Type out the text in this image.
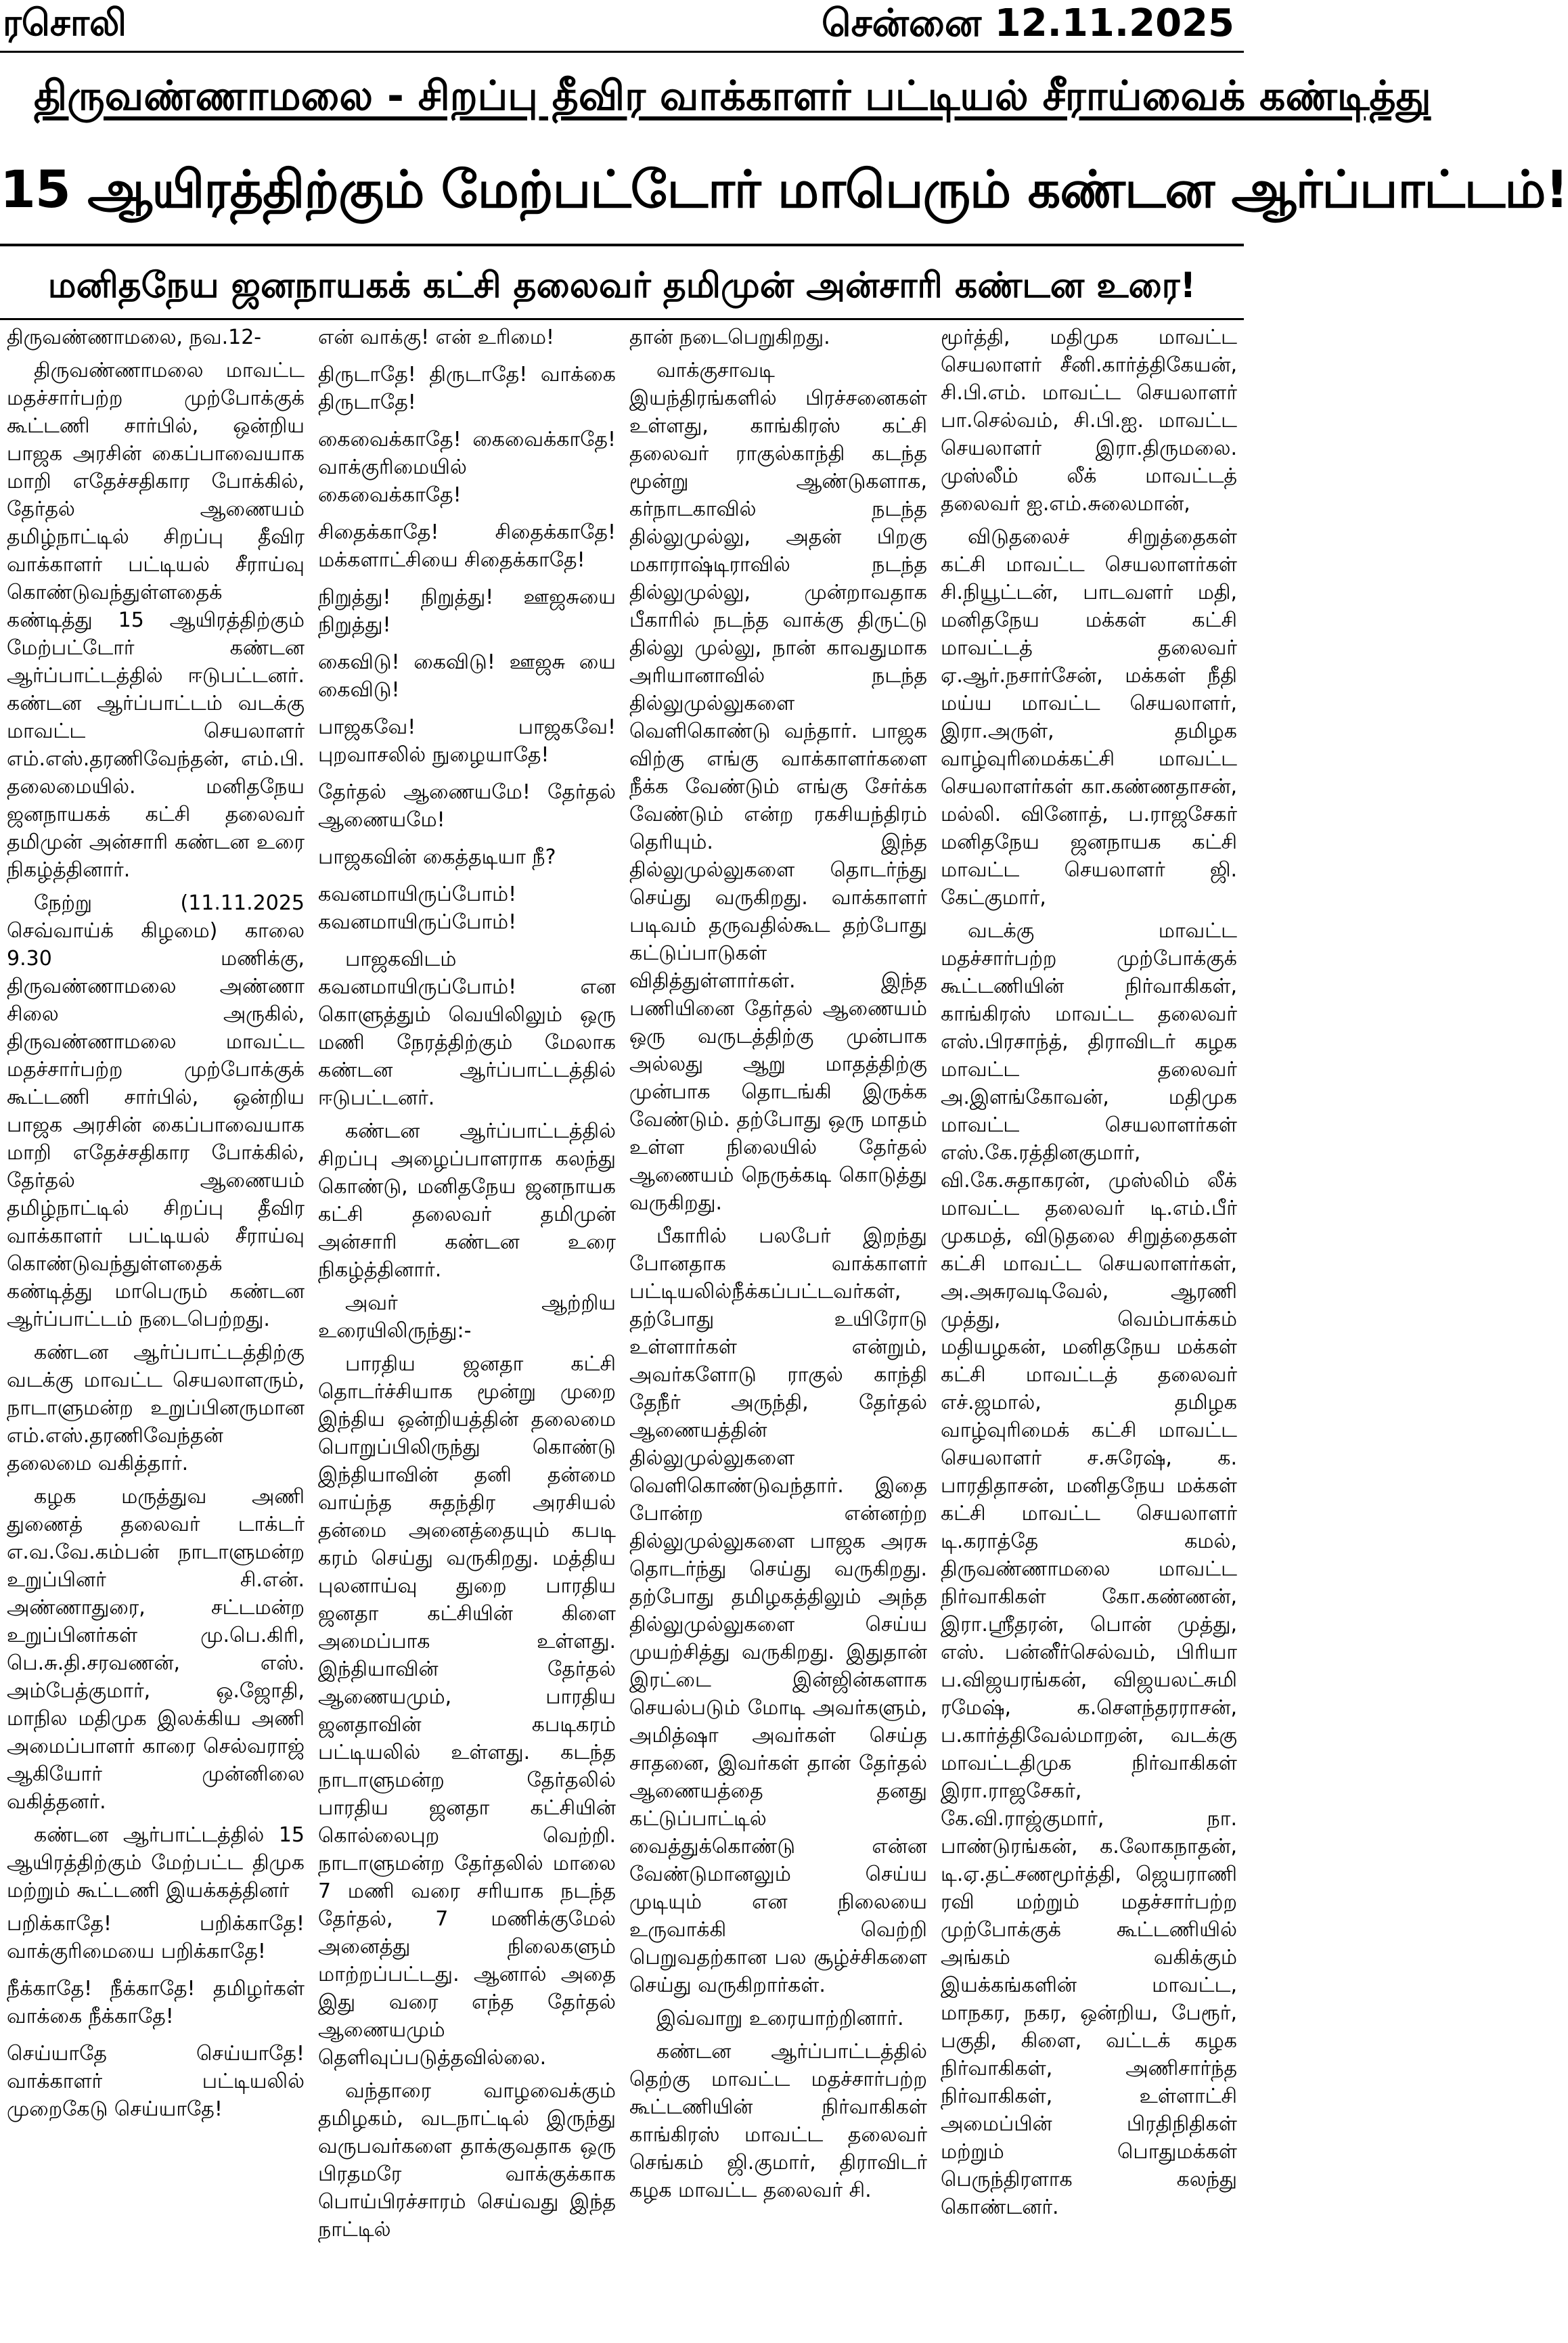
ரசொலி	சென்னை 12.11.2025
திருவண்ணாமலை - சிறப்பு தீவிர வாக்காளர் பட்டியல் சீராய்வைக் கண்டித்து
15 ஆயிரத்திற்கும் மேற்பட்டோர் மாபெரும் கண்டன ஆர்ப்பாட்டம்!
மனிதநேய ஜனநாயகக் கட்சி தலைவர் தமிமுன் அன்சாரி கண்டன உரை!

திருவண்ணாமலை, நவ.12-

திருவண்ணாமலை மாவட்ட மதச்சார்பற்ற முற்போக்குக் கூட்டணி சார்பில், ஒன்றிய பாஜக அரசின் கைப்பாவையாக மாறி எதேச்சதிகார போக்கில், தேர்தல் ஆணையம் தமிழ்நாட்டில் சிறப்பு தீவிர வாக்காளர் பட்டியல் சீராய்வு கொண்டுவந்துள்ளதைக் கண்டித்து 15 ஆயிரத்திற்கும் மேற்பட்டோர் கண்டன ஆர்ப்பாட்டத்தில் ஈடுபட்டனர். கண்டன ஆர்ப்பாட்டம் வடக்கு மாவட்ட செயலாளர் எம்.எஸ்.தரணிவேந்தன், எம்.பி. தலைமையில். மனிதநேய ஜனநாயகக் கட்சி தலைவர் தமிமுன் அன்சாரி கண்டன உரை நிகழ்த்தினார்.

நேற்று (11.11.2025 செவ்வாய்க் கிழமை) காலை 9.30 மணிக்கு, திருவண்ணாமலை அண்ணா சிலை அருகில், திருவண்ணாமலை மாவட்ட மதச்சார்பற்ற முற்போக்குக் கூட்டணி சார்பில், ஒன்றிய பாஜக அரசின் கைப்பாவையாக மாறி எதேச்சதிகார போக்கில், தேர்தல் ஆணையம் தமிழ்நாட்டில் சிறப்பு தீவிர வாக்காளர் பட்டியல் சீராய்வு கொண்டுவந்துள்ளதைக் கண்டித்து மாபெரும் கண்டன ஆர்ப்பாட்டம் நடைபெற்றது.

கண்டன ஆர்ப்பாட்டத்திற்கு வடக்கு மாவட்ட செயலாளரும், நாடாளுமன்ற உறுப்பினருமான எம்.எஸ்.தரணிவேந்தன் தலைமை வகித்தார்.

கழக மருத்துவ அணி துணைத் தலைவர் டாக்டர் எ.வ.வே.கம்பன் நாடாளுமன்ற உறுப்பினர் சி.என். அண்ணாதுரை, சட்டமன்ற உறுப்பினர்கள் மு.பெ.கிரி, பெ.சு.தி.சரவணன், எஸ். அம்பேத்குமார், ஒ.ஜோதி, மாநில மதிமுக இலக்கிய அணி அமைப்பாளர் காரை செல்வராஜ் ஆகியோர் முன்னிலை வகித்தனர்.

கண்டன ஆர்பாட்டத்தில் 15 ஆயிரத்திற்கும் மேற்பட்ட திமுக மற்றும் கூட்டணி இயக்கத்தினர்

பறிக்காதே! பறிக்காதே! வாக்குரிமையை பறிக்காதே!

நீக்காதே! நீக்காதே! தமிழர்கள் வாக்கை நீக்காதே!

செய்யாதே செய்யாதே! வாக்காளர் பட்டியலில் முறைகேடு செய்யாதே!

என் வாக்கு! என் உரிமை!

திருடாதே! திருடாதே! வாக்கை திருடாதே!

கைவைக்காதே! கைவைக்காதே! வாக்குரிமையில் கைவைக்காதே!

சிதைக்காதே! சிதைக்காதே! மக்களாட்சியை சிதைக்காதே!

நிறுத்து! நிறுத்து! ஊஜசுயை நிறுத்து!

கைவிடு! கைவிடு! ஊஜசு யை கைவிடு!

பாஜகவே! பாஜகவே! புறவாசலில் நுழையாதே!

தேர்தல் ஆணையமே! தேர்தல் ஆணையமே!

பாஜகவின் கைத்தடியா நீ?

கவனமாயிருப்போம்! கவனமாயிருப்போம்!

பாஜகவிடம் கவனமாயிருப்போம்! என கொளுத்தும் வெயிலிலும் ஒரு மணி நேரத்திற்கும் மேலாக கண்டன ஆர்ப்பாட்டத்தில் ஈடுபட்டனர்.

கண்டன ஆர்ப்பாட்டத்தில் சிறப்பு அழைப்பாளராக கலந்து கொண்டு, மனிதநேய ஜனநாயக கட்சி தலைவர் தமிமுன் அன்சாரி கண்டன உரை நிகழ்த்தினார்.

அவர் ஆற்றிய உரையிலிருந்து:-

பாரதிய ஜனதா கட்சி தொடர்ச்சியாக மூன்று முறை இந்திய ஒன்றியத்தின் தலைமை பொறுப்பிலிருந்து கொண்டு இந்தியாவின் தனி தன்மை வாய்ந்த சுதந்திர அரசியல் தன்மை அனைத்தையும் கபடி கரம் செய்து வருகிறது. மத்திய புலனாய்வு துறை பாரதிய ஜனதா கட்சியின் கிளை அமைப்பாக உள்ளது. இந்தியாவின் தேர்தல் ஆணையமும், பாரதிய ஜனதாவின் கபடிகரம் பட்டியலில் உள்ளது. கடந்த நாடாளுமன்ற தேர்தலில் பாரதிய ஜனதா கட்சியின் கொல்லைபுற வெற்றி. நாடாளுமன்ற தேர்தலில் மாலை 7 மணி வரை சரியாக நடந்த தேர்தல், 7 மணிக்குமேல் அனைத்து நிலைகளும் மாற்றப்பட்டது. ஆனால் அதை இது வரை எந்த தேர்தல் ஆணையமும் தெளிவுப்படுத்தவில்லை.

வந்தாரை வாழவைக்கும் தமிழகம், வடநாட்டில் இருந்து வருபவர்களை தாக்குவதாக ஒரு பிரதமரே வாக்குக்காக பொய்பிரச்சாரம் செய்வது இந்த நாட்டில்

தான் நடைபெறுகிறது.

வாக்குசாவடி இயந்திரங்களில் பிரச்சனைகள் உள்ளது, காங்கிரஸ் கட்சி தலைவர் ராகுல்காந்தி கடந்த மூன்று ஆண்டுகளாக, கர்நாடகாவில் நடந்த தில்லுமுல்லு, அதன் பிறகு மகாராஷ்டிராவில் நடந்த தில்லுமுல்லு, முன்றாவதாக பீகாரில் நடந்த வாக்கு திருட்டு தில்லு முல்லு, நான் காவதுமாக அரியானாவில் நடந்த தில்லுமுல்லுகளை வெளிகொண்டு வந்தார். பாஜக விற்கு எங்கு வாக்காளர்களை நீக்க வேண்டும் எங்கு சேர்க்க வேண்டும் என்ற ரகசியந்திரம் தெரியும். இந்த தில்லுமுல்லுகளை தொடர்ந்து செய்து வருகிறது. வாக்காளர் படிவம் தருவதில்கூட தற்போது கட்டுப்பாடுகள் விதித்துள்ளார்கள். இந்த பணியினை தேர்தல் ஆணையம் ஒரு வருடத்திற்கு முன்பாக அல்லது ஆறு மாதத்திற்கு முன்பாக தொடங்கி இருக்க வேண்டும். தற்போது ஒரு மாதம் உள்ள நிலையில் தேர்தல் ஆணையம் நெருக்கடி கொடுத்து வருகிறது.

பீகாரில் பலபேர் இறந்து போனதாக வாக்காளர் பட்டியலில்நீக்கப்பட்டவர்கள், தற்போது உயிரோடு உள்ளார்கள் என்றும், அவர்களோடு ராகுல் காந்தி தேநீர் அருந்தி, தேர்தல் ஆணையத்தின் தில்லுமுல்லுகளை வெளிகொண்டுவந்தார். இதை போன்ற என்னற்ற தில்லுமுல்லுகளை பாஜக அரசு தொடர்ந்து செய்து வருகிறது. தற்போது தமிழகத்திலும் அந்த தில்லுமுல்லுகளை செய்ய முயற்சித்து வருகிறது. இதுதான் இரட்டை இன்ஜின்களாக செயல்படும் மோடி அவர்களும், அமித்ஷா அவர்கள் செய்த சாதனை, இவர்கள் தான் தேர்தல் ஆணையத்தை தனது கட்டுப்பாட்டில் வைத்துக்கொண்டு என்ன வேண்டுமானலும் செய்ய முடியும் என நிலையை உருவாக்கி வெற்றி பெறுவதற்கான பல சூழ்ச்சிகளை செய்து வருகிறார்கள்.

இவ்வாறு உரையாற்றினார்.

கண்டன ஆர்ப்பாட்டத்தில் தெற்கு மாவட்ட மதச்சார்பற்ற கூட்டணியின் நிர்வாகிகள் காங்கிரஸ் மாவட்ட தலைவர் செங்கம் ஜி.குமார், திராவிடர் கழக மாவட்ட தலைவர் சி.

மூர்த்தி, மதிமுக மாவட்ட செயலாளர் சீனி.கார்த்திகேயன், சி.பி.எம். மாவட்ட செயலாளர் பா.செல்வம், சி.பி.ஐ. மாவட்ட செயலாளர் இரா.திருமலை. முஸ்லீம் லீக் மாவட்டத் தலைவர் ஐ.எம்.சுலைமான்,

விடுதலைச் சிறுத்தைகள் கட்சி மாவட்ட செயலாளர்கள் சி.நியூட்டன், பாடவளர் மதி, மனிதநேய மக்கள் கட்சி மாவட்டத் தலைவர் ஏ.ஆர்.நசார்சேன், மக்கள் நீதி மய்ய மாவட்ட செயலாளர், இரா.அருள், தமிழக வாழ்வுரிமைக்கட்சி மாவட்ட செயலாளர்கள் கா.கண்ணதாசன், மல்லி. வினோத், ப.ராஜசேகர் மனிதநேய ஜனநாயக கட்சி மாவட்ட செயலாளர் ஜி. கேட்குமார்,

வடக்கு மாவட்ட மதச்சார்பற்ற முற்போக்குக் கூட்டணியின் நிர்வாகிகள், காங்கிரஸ் மாவட்ட தலைவர் எஸ்.பிரசாந்த், திராவிடர் கழக மாவட்ட தலைவர் அ.இளங்கோவன், மதிமுக மாவட்ட செயலாளர்கள் எஸ்.கே.ரத்தினகுமார், வி.கே.சுதாகரன், முஸ்லிம் லீக் மாவட்ட தலைவர் டி.எம்.பீர் முகமத், விடுதலை சிறுத்தைகள் கட்சி மாவட்ட செயலாளர்கள், அ.அசுரவடிவேல், ஆரணி முத்து, வெம்பாக்கம் மதியழகன், மனிதநேய மக்கள் கட்சி மாவட்டத் தலைவர் எச்.ஜமால், தமிழக வாழ்வுரிமைக் கட்சி மாவட்ட செயலாளர் ச.சுரேஷ், க. பாரதிதாசன், மனிதநேய மக்கள் கட்சி மாவட்ட செயலாளர் டி.கராத்தே கமல், திருவண்ணாமலை மாவட்ட நிர்வாகிகள் கோ.கண்ணன், இரா.ஸ்ரீதரன், பொன் முத்து, எஸ். பன்னீர்செல்வம், பிரியா ப.விஜயரங்கன், விஜயலட்சுமி ரமேஷ், க.சௌந்தரராசன், ப.கார்த்திவேல்மாறன், வடக்கு மாவட்டதிமுக நிர்வாகிகள் இரா.ராஜசேகர், கே.வி.ராஜ்குமார், நா. பாண்டுரங்கன், க.லோகநாதன், டி.ஏ.தட்சணமூர்த்தி, ஜெயராணி ரவி மற்றும் மதச்சார்பற்ற முற்போக்குக் கூட்டணியில் அங்கம் வகிக்கும் இயக்கங்களின் மாவட்ட, மாநகர, நகர, ஒன்றிய, பேரூர், பகுதி, கிளை, வட்டக் கழக நிர்வாகிகள், அணிசார்ந்த நிர்வாகிகள், உள்ளாட்சி அமைப்பின் பிரதிநிதிகள் மற்றும் பொதுமக்கள் பெருந்திரளாக கலந்து கொண்டனர்.
